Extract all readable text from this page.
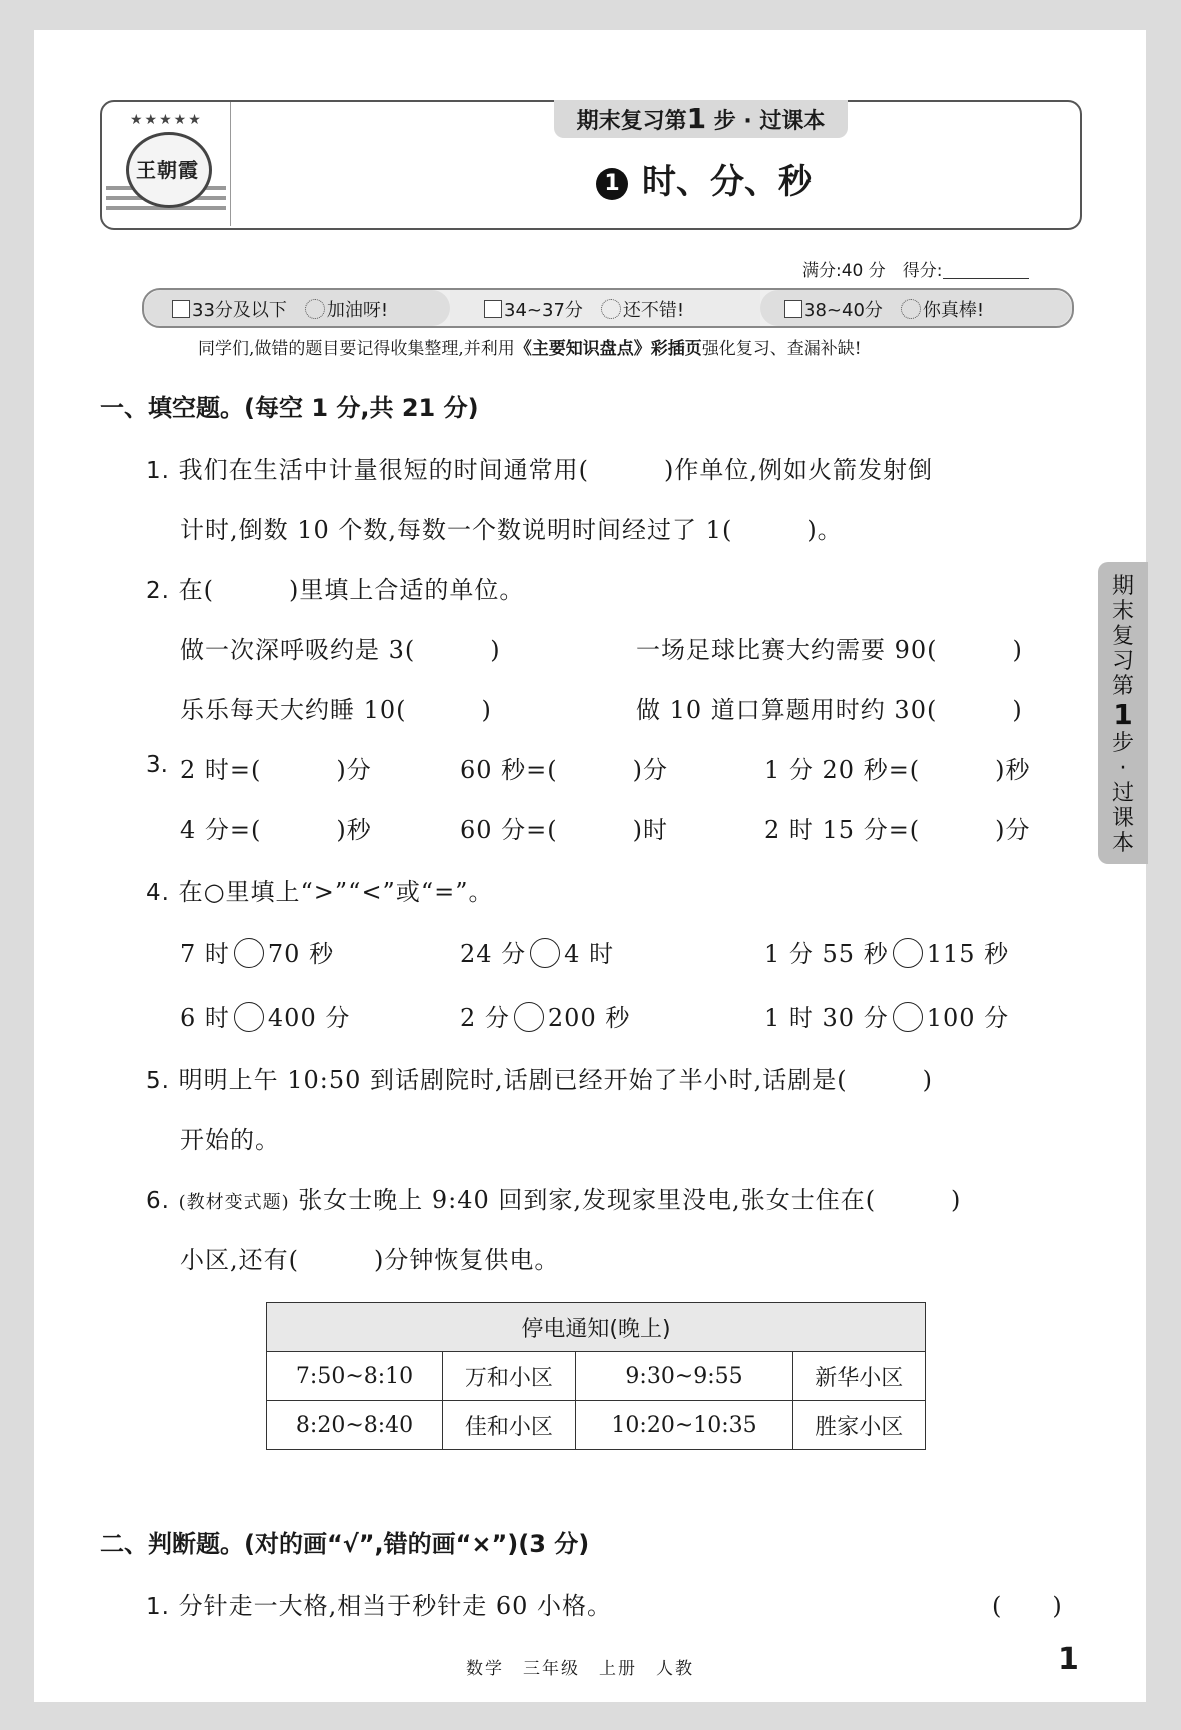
★★★★★
王朝霞
期末复习第1 步 · 过课本
1 时、分、秒
满分:40 分　 得分:
33分及以下　 加油呀!	34~37分　 还不错!	38~40分　 你真棒!
同学们,做错的题目要记得收集整理,并利用《主要知识盘点》彩插页强化复习、查漏补缺!
一、填空题。(每空 1 分,共 21 分)
1. 我们在生活中计量很短的时间通常用(　　　)作单位,例如火箭发射倒
计时,倒数 10 个数,每数一个数说明时间经过了 1(　　　)。
2. 在(　　　)里填上合适的单位。
做一次深呼吸约是 3(　　　)	一场足球比赛大约需要 90(　　　)
乐乐每天大约睡 10(　　　)	做 10 道口算题用时约 30(　　　)
3. 2 时=(　　　)分	60 秒=(　　　)分	1 分 20 秒=(　　　)秒
4 分=(　　　)秒	60 分=(　　　)时	2 时 15 分=(　　　)分
4. 在○里填上“>”“<”或“=”。
7 时 70 秒	24 分 4 时	1 分 55 秒 115 秒
6 时 400 分	2 分 200 秒	1 时 30 分 100 分
5. 明明上午 10:50 到话剧院时,话剧已经开始了半小时,话剧是(　　　)
开始的。
6. (教材变式题) 张女士晚上 9:40 回到家,发现家里没电,张女士住在(　　　)
小区,还有(　　　)分钟恢复供电。
停电通知(晚上)			
7:50~8:10	万和小区	9:30~9:55	新华小区
8:20~8:40	佳和小区	10:20~10:35	胜家小区
二、判断题。(对的画“√”,错的画“×”)(3 分)
1. 分针走一大格,相当于秒针走 60 小格。	(　　)
数学　三年级　上册　人教	1
期末复习第
1
步·过课本
